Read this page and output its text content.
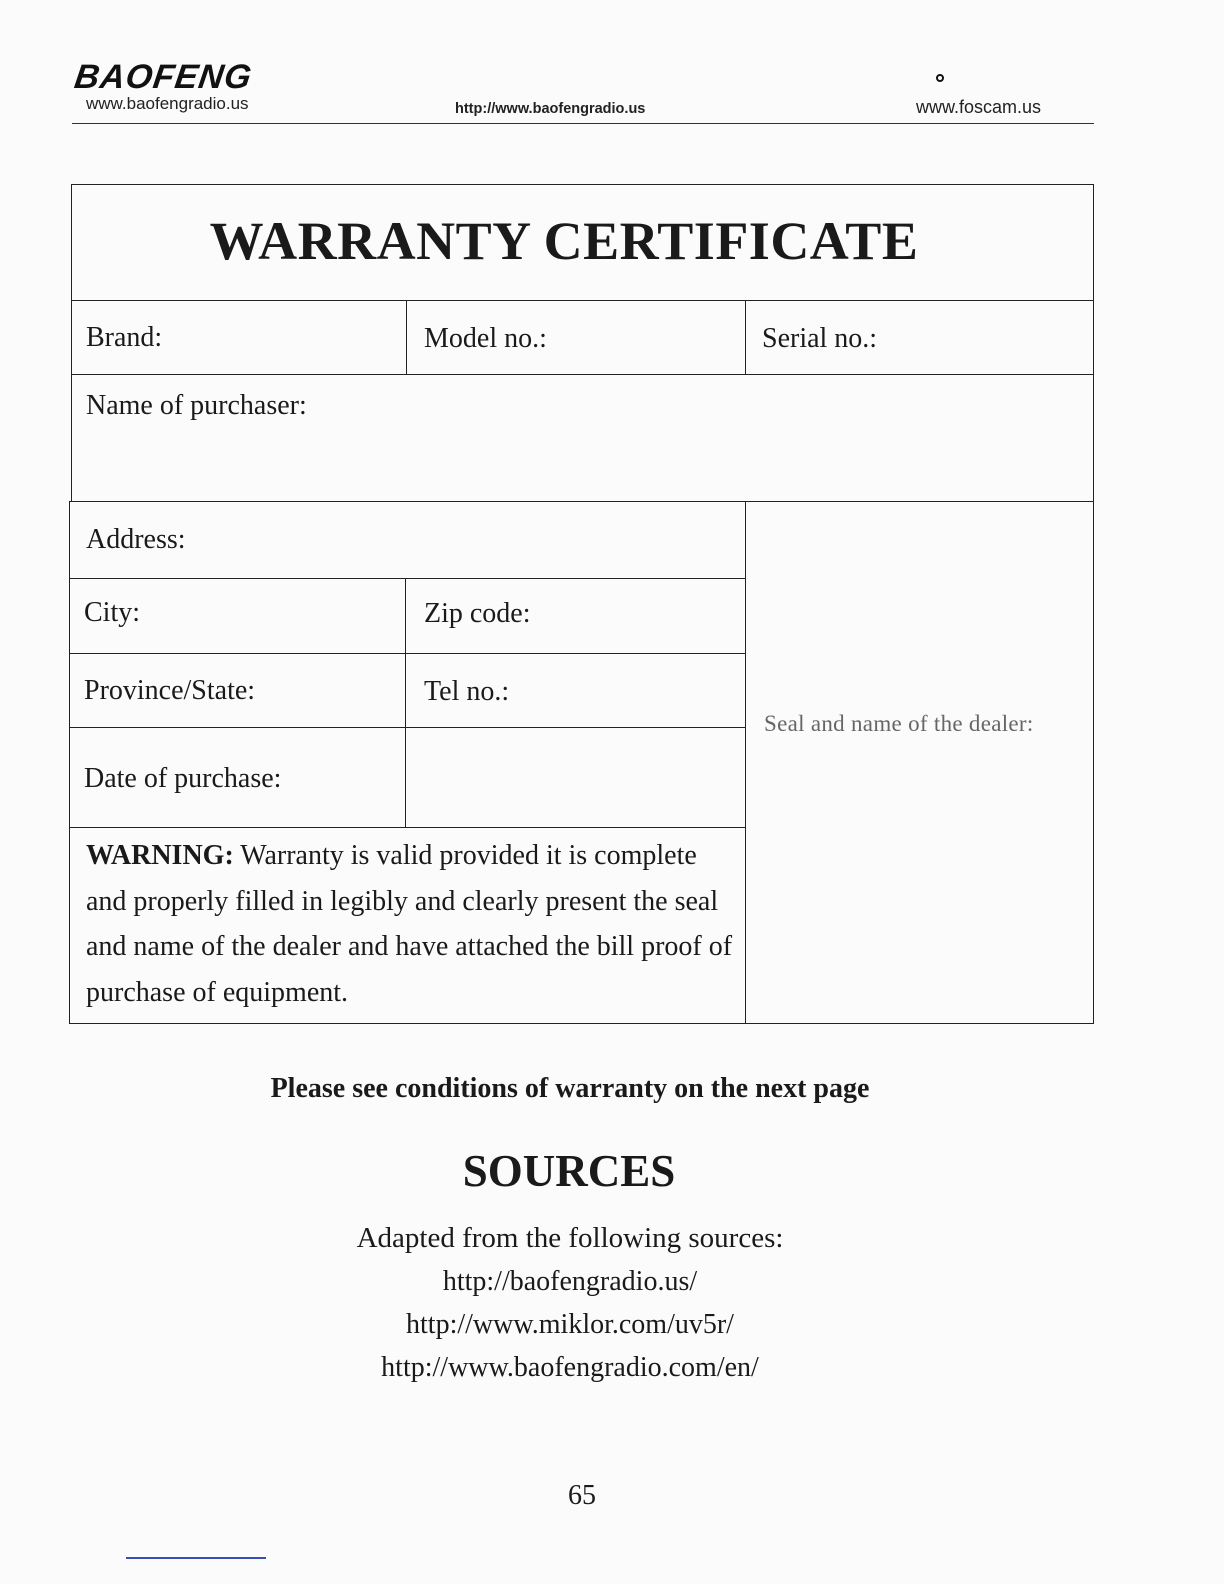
BAOFENG
www.baofengradio.us	http://www.baofengradio.us	www.foscam.us
WARRANTY CERTIFICATE
Brand:	Model no.:	Serial no.:
Name of purchaser:
Address:
City:	Zip code:
Province/State:	Tel no.:
Date of purchase:
Seal and name of the dealer:
WARNING: Warranty is valid provided it is complete and properly filled in legibly and clearly present the seal and name of the dealer and have attached the bill proof of purchase of equipment.
Please see conditions of warranty on the next page
SOURCES
Adapted from the following sources:
http://baofengradio.us/
http://www.miklor.com/uv5r/
http://www.baofengradio.com/en/
65
